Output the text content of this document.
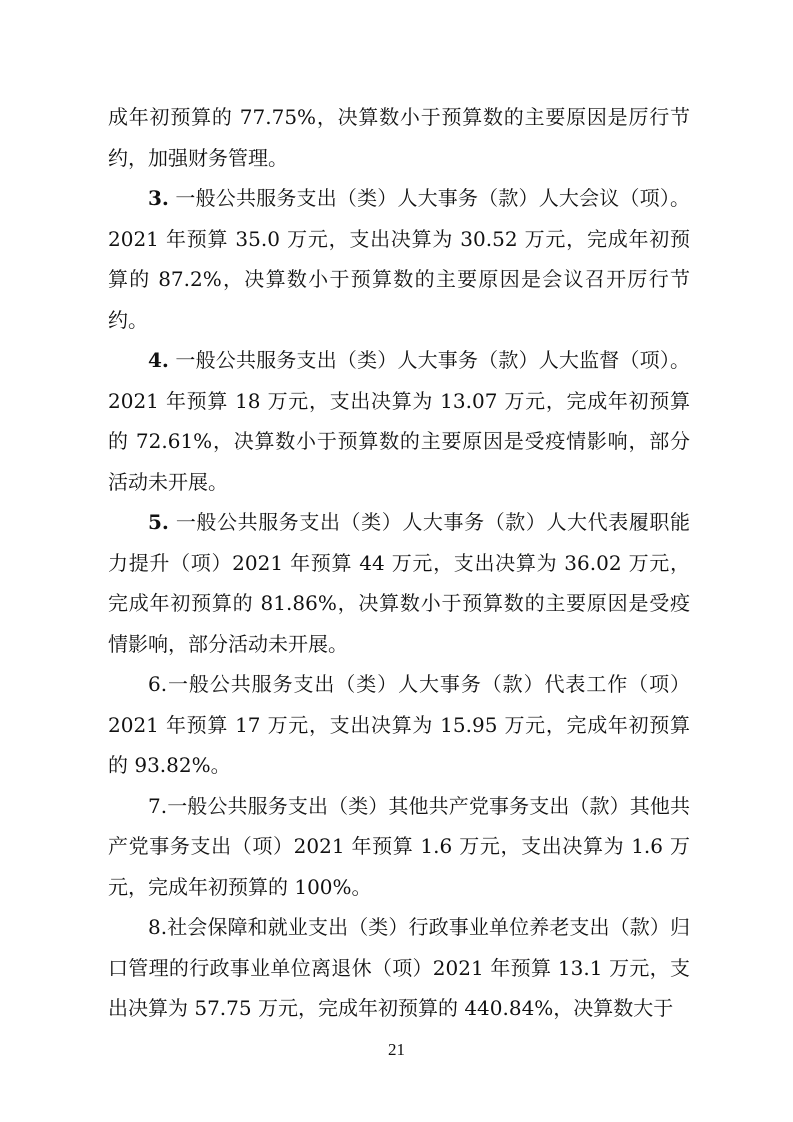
成年初预算的 77.75%，决算数小于预算数的主要原因是厉行节约，加强财务管理。

3. 一般公共服务支出（类）人大事务（款）人大会议（项）。2021 年预算 35.0 万元，支出决算为 30.52 万元，完成年初预算的 87.2%，决算数小于预算数的主要原因是会议召开厉行节约。

4. 一般公共服务支出（类）人大事务（款）人大监督（项）。2021 年预算 18 万元，支出决算为 13.07 万元，完成年初预算的 72.61%，决算数小于预算数的主要原因是受疫情影响，部分活动未开展。

5. 一般公共服务支出（类）人大事务（款）人大代表履职能力提升（项）2021 年预算 44 万元，支出决算为 36.02 万元，完成年初预算的 81.86%，决算数小于预算数的主要原因是受疫情影响，部分活动未开展。

6.一般公共服务支出（类）人大事务（款）代表工作（项）2021 年预算 17 万元，支出决算为 15.95 万元，完成年初预算的 93.82%。

7.一般公共服务支出（类）其他共产党事务支出（款）其他共产党事务支出（项）2021 年预算 1.6 万元，支出决算为 1.6 万元，完成年初预算的 100%。

8.社会保障和就业支出（类）行政事业单位养老支出（款）归口管理的行政事业单位离退休（项）2021 年预算 13.1 万元，支出决算为 57.75 万元，完成年初预算的 440.84%，决算数大于

21
